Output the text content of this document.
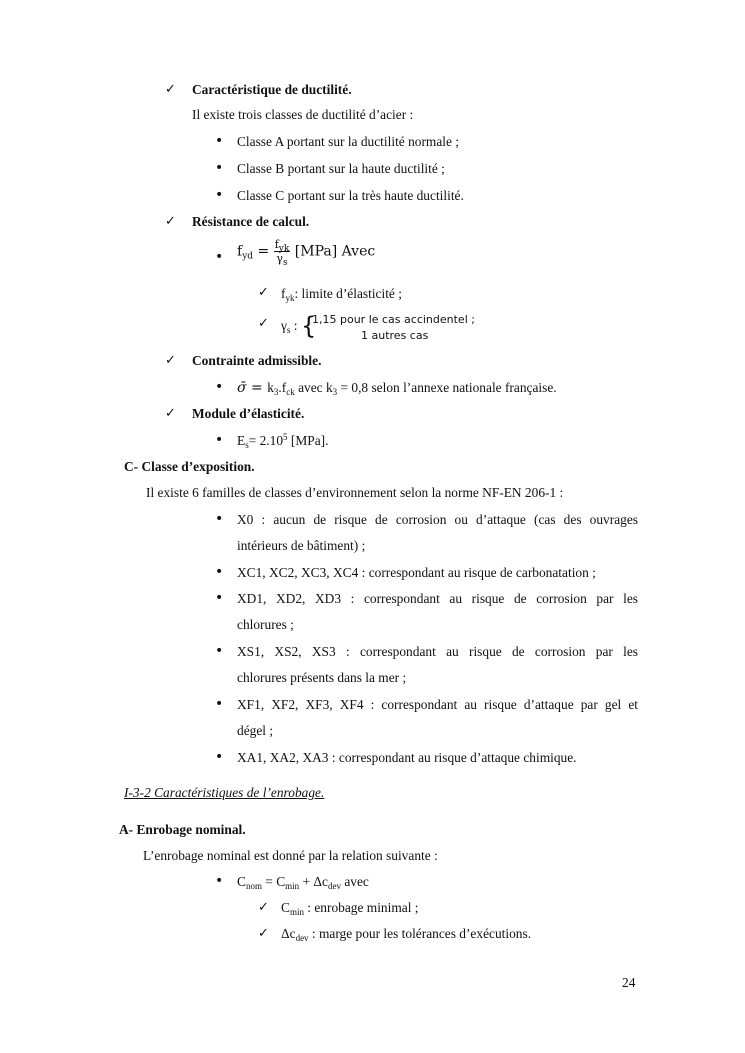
✓
Caractéristique de ductilité.
Il existe trois classes de ductilité d’acier :
•
Classe A portant sur la ductilité normale ;
•
Classe B portant sur la haute ductilité ;
•
Classe C portant sur la très haute ductilité.
✓
Résistance de calcul.
•
$f_{yd} = \frac{f_{yk}}{\gamma_s} [MPa]$ Avec
✓
$f_{yk}$: limite d’élasticité ;
✓
$\gamma_s$ : {
1,15 pour le cas accindentel ;
1 autres cas
✓
Contrainte admissible.
•
σ̄ = $k_3.f_{ck}$ avec $k_3 = 0,8$ selon l’annexe nationale française.
✓
Module d’élasticité.
•
$E_s= 2.10^5$ [MPa].
C- Classe d’exposition.
Il existe 6 familles de classes d’environnement selon la norme NF-EN 206-1 :
•
X0 : aucun de risque de corrosion ou d’attaque (cas des ouvrages
intérieurs de bâtiment) ;
•
XC1, XC2, XC3, XC4 : correspondant au risque de carbonatation ;
•
XD1, XD2, XD3 : correspondant au risque de corrosion par les
chlorures ;
•
XS1, XS2, XS3 : correspondant au risque de corrosion par les
chlorures présents dans la mer ;
•
XF1, XF2, XF3, XF4 : correspondant au risque d’attaque par gel et
dégel ;
•
XA1, XA2, XA3 : correspondant au risque d’attaque chimique.
I-3-2 Caractéristiques de l’enrobage.
A- Enrobage nominal.
L’enrobage nominal est donné par la relation suivante :
•
$C_{nom} = C_{min} + \Delta c_{dev}$ avec
✓
$C_{min}$ : enrobage minimal ;
✓
$\Delta c_{dev}$ : marge pour les tolérances d’exécutions.
24
